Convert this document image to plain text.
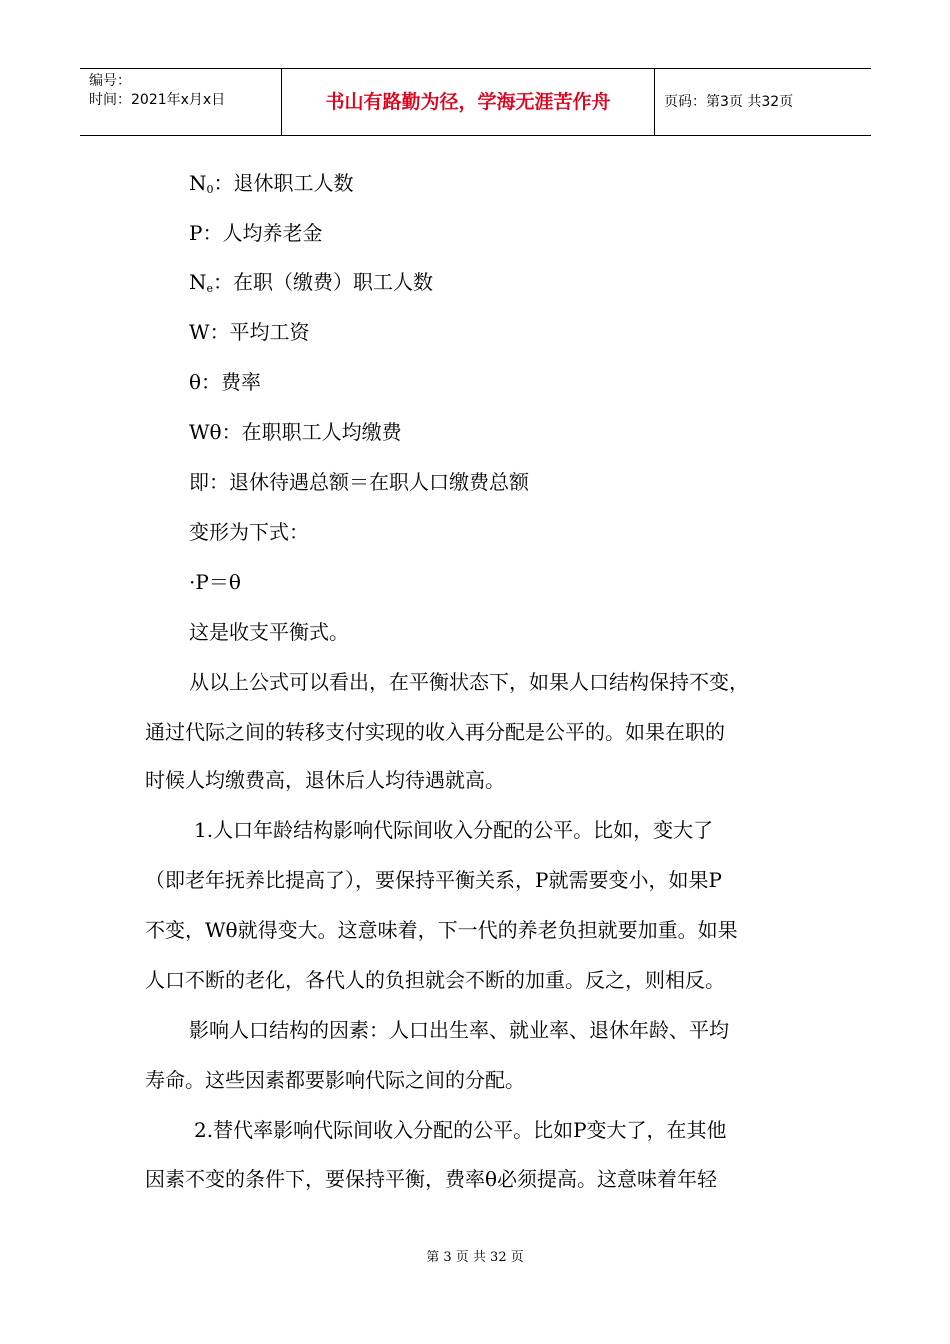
编号：
时间：2021年x月x日	书山有路勤为径，学海无涯苦作舟	页码：第3页 共32页
$N_0$：退休职工人数
P：人均养老金
$N_e$：在职（缴费）职工人数
W：平均工资
θ：费率
Wθ：在职职工人均缴费
即：退休待遇总额＝在职人口缴费总额
变形为下式：
·P＝θ
这是收支平衡式。
从以上公式可以看出，在平衡状态下，如果人口结构保持不变，
通过代际之间的转移支付实现的收入再分配是公平的。如果在职的
时候人均缴费高，退休后人均待遇就高。
1.人口年龄结构影响代际间收入分配的公平。比如，变大了
（即老年抚养比提高了），要保持平衡关系，P就需要变小，如果P
不变，Wθ就得变大。这意味着，下一代的养老负担就要加重。如果
人口不断的老化，各代人的负担就会不断的加重。反之，则相反。
影响人口结构的因素：人口出生率、就业率、退休年龄、平均
寿命。这些因素都要影响代际之间的分配。
2.替代率影响代际间收入分配的公平。比如P变大了，在其他
因素不变的条件下，要保持平衡，费率θ必须提高。这意味着年轻
第 3 页 共 32 页
